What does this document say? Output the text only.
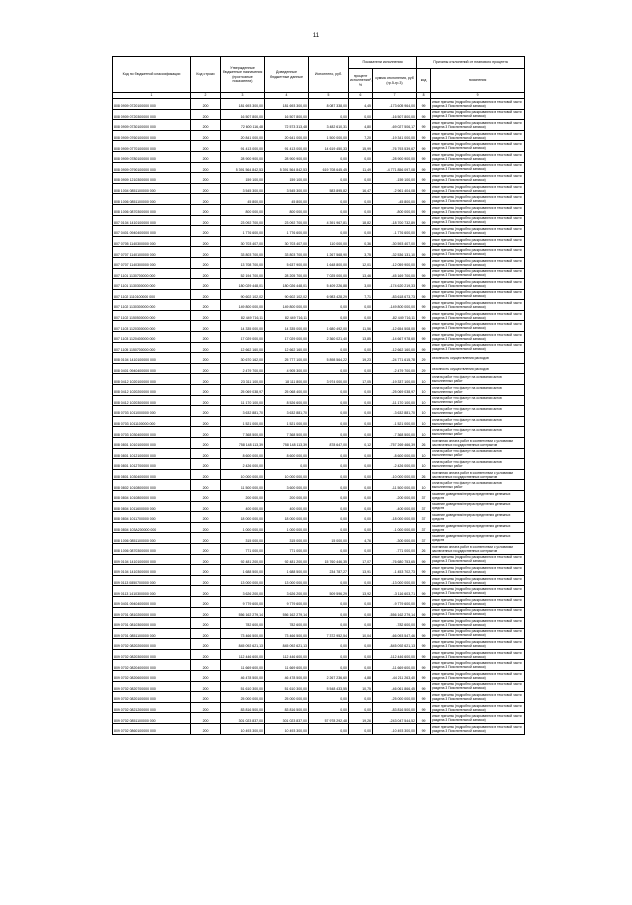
11
Код по бюджетной классификации	Код строки	Утвержденные бюджетные назначения (прогнозные показатели)	Доведенные бюджетные данные	Исполнено, руб.	Показатели исполнения		Причины отклонений от планового процента	
					процент исполнения², %	сумма отклонения, руб (гр.5-гр.3)	код	пояснения
1	2	3	4	5	6	7	8	9
808 0909 0720100000 000	200	181 693 300,00	181 693 300,00	8 087 338,00	4,45	-173 605 964,00	99	иные причины (подробно раскрываются в текстовой части раздела 3 Пояснительной записки)
808 0909 0720300000 000	200	16 507 800,00	16 507 800,00	0,00	0,00	-16 507 800,00	99	иные причины (подробно раскрываются в текстовой части раздела 3 Пояснительной записки)
808 0909 0730100000 000	200	72 600 116,48	72 573 313,48	3 482 610,31	4,80	-69 027 506,17	99	иные причины (подробно раскрываются в текстовой части раздела 3 Пояснительной записки)
808 0909 0760100000 000	200	20 841 000,00	20 641 000,00	1 500 000,00	7,20	-19 341 000,00	99	иные причины (подробно раскрываются в текстовой части раздела 3 Пояснительной записки)
808 0909 0770100000 000	200	91 413 000,00	91 413 000,00	14 619 450,33	15,99	-76 793 539,67	99	иные причины (подробно раскрываются в текстовой части раздела 3 Пояснительной записки)
808 0909 0780100000 000	200	28 900 900,00	28 900 900,00	0,00	0,00	-28 900 900,00	99	иные причины (подробно раскрываются в текстовой части раздела 3 Пояснительной записки)
808 0909 0790100000 000	200	5 391 564 842,53	5 391 564 842,53	619 708 645,45	11,49	-4 771 856 097,08	99	иные причины (подробно раскрываются в текстовой части раздела 3 Пояснительной записки)
808 0909 1210300000 000	200	159 100,00	159 100,00	0,00	0,00	-159 100,00	99	иные причины (подробно раскрываются в текстовой части раздела 3 Пояснительной записки)
808 1004 0851100000 000	200	3 545 300,00	3 545 300,00	583 895,82	16,47	-2 961 404,08	99	иные причины (подробно раскрываются в текстовой части раздела 3 Пояснительной записки)
808 1006 0851100000 000	200	45 800,00	45 800,00	0,00	0,00	-45 800,00	99	иные причины (подробно раскрываются в текстовой части раздела 3 Пояснительной записки)
808 1006 0870300000 000	200	800 000,00	800 000,00	0,00	0,00	-800 000,00	99	иные причины (подробно раскрываются в текстовой части раздела 3 Пояснительной записки)
807 0104 1410100000 000	200	23 092 700,00	23 092 700,00	4 391 967,81	18,82	-18 700 732,89	99	иные причины (подробно раскрываются в текстовой части раздела 3 Пояснительной записки)
807 0401 0940400000 000	200	1 776 600,00	1 776 600,00	0,00	0,00	-1 776 600,00	99	иные причины (подробно раскрываются в текстовой части раздела 3 Пояснительной записки)
807 0705 1140300000 000	200	30 703 407,00	30 703 407,00	110 000,00	0,36	-30 593 407,00	99	иные причины (подробно раскрываются в текстовой части раздела 3 Пояснительной записки)
807 0707 1140100000 000	200	33 803 700,00	33 803 700,00	1 267 568,90	3,75	-32 536 131,10	99	иные причины (подробно раскрываются в текстовой части раздела 3 Пояснительной записки)
807 0707 1140300000 000	200	13 708 700,00	5 637 900,00	1 648 800,00	12,01	-12 059 900,00	99	иные причины (подробно раскрываются в текстовой части раздела 3 Пояснительной записки)
807 1101 1130700000 000	200	52 194 700,00	28 205 700,00	7 025 000,00	13,46	-45 169 700,00	99	иные причины (подробно раскрываются в текстовой части раздела 3 Пояснительной записки)
807 1101 1130300000 000	200	180 029 448,01	180 026 448,01	5 409 226,88	3,00	-174 620 219,33	99	иные причины (подробно раскрываются в текстовой части раздела 3 Пояснительной записки)
807 1102 1110100000 000	200	90 602 102,02	90 602 102,02	6 983 428,29	7,71	-83 618 673,73	99	иные причины (подробно раскрываются в текстовой части раздела 3 Пояснительной записки)
807 1102 1130300000 000	200	149 800 000,00	149 800 000,00	0,00	0,00	-149 800 000,00	99	иные причины (подробно раскрываются в текстовой части раздела 3 Пояснительной записки)
807 1102 1150500000 000	200	82 449 716,11	82 449 716,11	0,00	0,00	-82 449 716,11	99	иные причины (подробно раскрываются в текстовой части раздела 3 Пояснительной записки)
807 1103 1120300000 000	200	14 335 000,00	14 335 000,00	1 680 492,00	11,56	-12 654 508,00	99	иные причины (подробно раскрываются в текстовой части раздела 3 Пояснительной записки)
807 1103 1120400000 000	200	17 029 000,00	17 029 000,00	2 360 021,40	13,85	-14 667 978,60	99	иные причины (подробно раскрываются в текстовой части раздела 3 Пояснительной записки)
807 1105 1150700000 000	200	12 662 160,00	12 662 160,00	0,00	0,00	-12 662 160,00	99	иные причины (подробно раскрываются в текстовой части раздела 3 Пояснительной записки)
808 0104 1410100000 000	200	30 670 162,00	25 777 100,00	5 898 564,22	19,23	-24 771 615,78	29	сезонность осуществления расходов
808 0401 0940400000 000	200	2 479 700,00	4 905 300,00	0,00	0,00	-2 479 700,00	29	сезонность осуществления расходов
808 0412 1020100000 000	200	23 311 100,00	18 111 800,00	3 974 000,00	17,05	-19 337 100,00	10	оплата работ «по факту» на основании актов выполненных работ
808 0412 1020200000 000	200	25 069 038,97	25 068 400,00	0,00	0,00	-25 069 038,97	10	оплата работ «по факту» на основании актов выполненных работ
808 0412 1020300000 000	200	11 170 100,00	8 526 600,00	0,00	0,00	-11 170 100,00	10	оплата работ «по факту» на основании актов выполненных работ
808 0703 1011000000 000	200	3 632 881,70	3 632 881,70	0,00	0,00	-3 632 881,70	10	оплата работ «по факту» на основании актов выполненных работ
808 0703 1011100000 000	200	1 521 000,00	1 521 000,00	0,00	0,00	-1 521 000,00	10	оплата работ «по факту» на основании актов выполненных работ
808 0703 1030400000 000	200	7 368 500,00	7 368 500,00	0,00	0,00	-7 368 500,00	10	оплата работ «по факту» на основании актов выполненных работ
808 0801 1010100000 000	200	758 148 113,39	758 148 113,39	878 647,00	0,12	-757 269 466,39	26	поэтапная оплата работ в соответствии с условиями заключенных государственных контрактов
808 0801 1012100000 000	200	8 600 000,00	8 600 000,00	0,00	0,00	-8 600 000,00	10	оплата работ «по факту» на основании актов выполненных работ
808 0801 1012700000 000	200	2 426 000,00	0,00	0,00	0,00	-2 426 000,00	10	оплата работ «по факту» на основании актов выполненных работ
808 0801 1030400000 000	200	10 000 000,00	10 000 000,00	0,00	0,00	-10 000 000,00	26	поэтапная оплата работ в соответствии с условиями заключенных государственных контрактов
808 0802 1010800000 000	200	11 500 000,00	3 600 000,00	0,00	0,00	-11 500 000,00	10	оплата работ «по факту» на основании актов выполненных работ
808 0804 1010800000 000	200	200 000,00	200 000,00	0,00	0,00	-200 000,00	37	гашение доведения/перераспределения денежных средств
808 0804 1011600000 000	200	400 000,00	400 000,00	0,00	0,00	-400 000,00	37	гашение доведения/перераспределения денежных средств
808 0804 1011700000 000	200	18 000 000,00	18 000 000,00	0,00	0,00	-18 000 000,00	37	гашение доведения/перераспределения денежных средств
808 0804 103A200000 000	200	1 000 000,00	1 000 000,00	0,00	0,00	-1 000 000,00	37	гашение доведения/перераспределения денежных средств
808 1006 0851100000 000	200	315 000,00	315 000,00	15 000,00	4,76	-300 000,00	37	гашение доведения/перераспределения денежных средств
808 1006 0870300000 000	200	771 000,00	771 000,00	0,00	0,00	-771 000,00	26	поэтапная оплата работ в соответствии с условиями заключенных государственных контрактов
809 0104 1410100000 000	200	92 481 200,00	92 481 200,00	15 760 446,35	17,07	-76 680 753,65	99	иные причины (подробно раскрываются в текстовой части раздела 3 Пояснительной записки)
809 0104 1410300000 000	200	1 688 500,00	1 688 500,00	234 787,27	13,91	-1 453 702,73	99	иные причины (подробно раскрываются в текстовой части раздела 3 Пояснительной записки)
809 0113 0850700000 000	200	13 000 000,00	13 000 000,00	0,00	0,00	-13 000 000,00	99	иные причины (подробно раскрываются в текстовой части раздела 3 Пояснительной записки)
809 0113 1410300000 000	200	3 626 200,00	3 626 200,00	509 596,29	13,92	-3 116 603,71	99	иные причины (подробно раскрываются в текстовой части раздела 3 Пояснительной записки)
809 0401 0940400000 000	200	9 779 600,00	9 779 600,00	0,00	0,00	-9 779 600,00	99	иные причины (подробно раскрываются в текстовой части раздела 3 Пояснительной записки)
809 0701 0810200000 000	200	556 162 279,14	556 162 279,14	0,00	0,00	-556 162 279,14	99	иные причины (подробно раскрываются в текстовой части раздела 3 Пояснительной записки)
809 0701 0810300000 000	200	782 600,00	782 600,00	0,00	0,00	-782 600,00	99	иные причины (подробно раскрываются в текстовой части раздела 3 Пояснительной записки)
809 0701 0851100000 000	200	73 466 500,00	73 466 500,00	7 372 952,54	10,04	-66 093 547,46	99	иные причины (подробно раскрываются в текстовой части раздела 3 Пояснительной записки)
809 0702 0820200000 000	200	845 092 621,13	845 092 621,13	0,00	0,00	-845 092 621,13	99	иные причины (подробно раскрываются в текстовой части раздела 3 Пояснительной записки)
809 0702 0820300000 000	200	112 446 600,00	112 446 600,00	0,00	0,00	-112 446 600,00	99	иные причины (подробно раскрываются в текстовой части раздела 3 Пояснительной записки)
809 0702 0820400000 000	200	11 669 600,00	11 669 600,00	0,00	0,00	-11 669 600,00	99	иные причины (подробно раскрываются в текстовой части раздела 3 Пояснительной записки)
809 0702 0820600000 000	200	46 478 500,00	46 478 500,00	2 267 236,60	4,88	-44 211 263,40	99	иные причины (подробно раскрываются в текстовой части раздела 3 Пояснительной записки)
809 0702 0820700000 000	200	51 610 300,00	51 610 300,00	5 548 433,55	10,75	-46 061 866,45	99	иные причины (подробно раскрываются в текстовой части раздела 3 Пояснительной записки)
809 0702 0820100000 000	200	25 000 000,00	25 000 000,00	0,00	0,00	-25 000 000,00	99	иные причины (подробно раскрываются в текстовой части раздела 3 Пояснительной записки)
809 0702 0821200000 000	200	83 816 500,00	83 816 500,00	0,00	0,00	-83 816 500,00	99	иные причины (подробно раскрываются в текстовой части раздела 3 Пояснительной записки)
809 0702 0851100000 000	200	301 023 837,00	301 023 837,00	57 978 292,48	19,26	-243 047 544,52	99	иные причины (подробно раскрываются в текстовой части раздела 3 Пояснительной записки)
809 0702 0860100000 000	200	10 493 300,00	10 493 300,00	0,00	0,00	-10 493 300,00	99	иные причины (подробно раскрываются в текстовой части раздела 3 Пояснительной записки)
